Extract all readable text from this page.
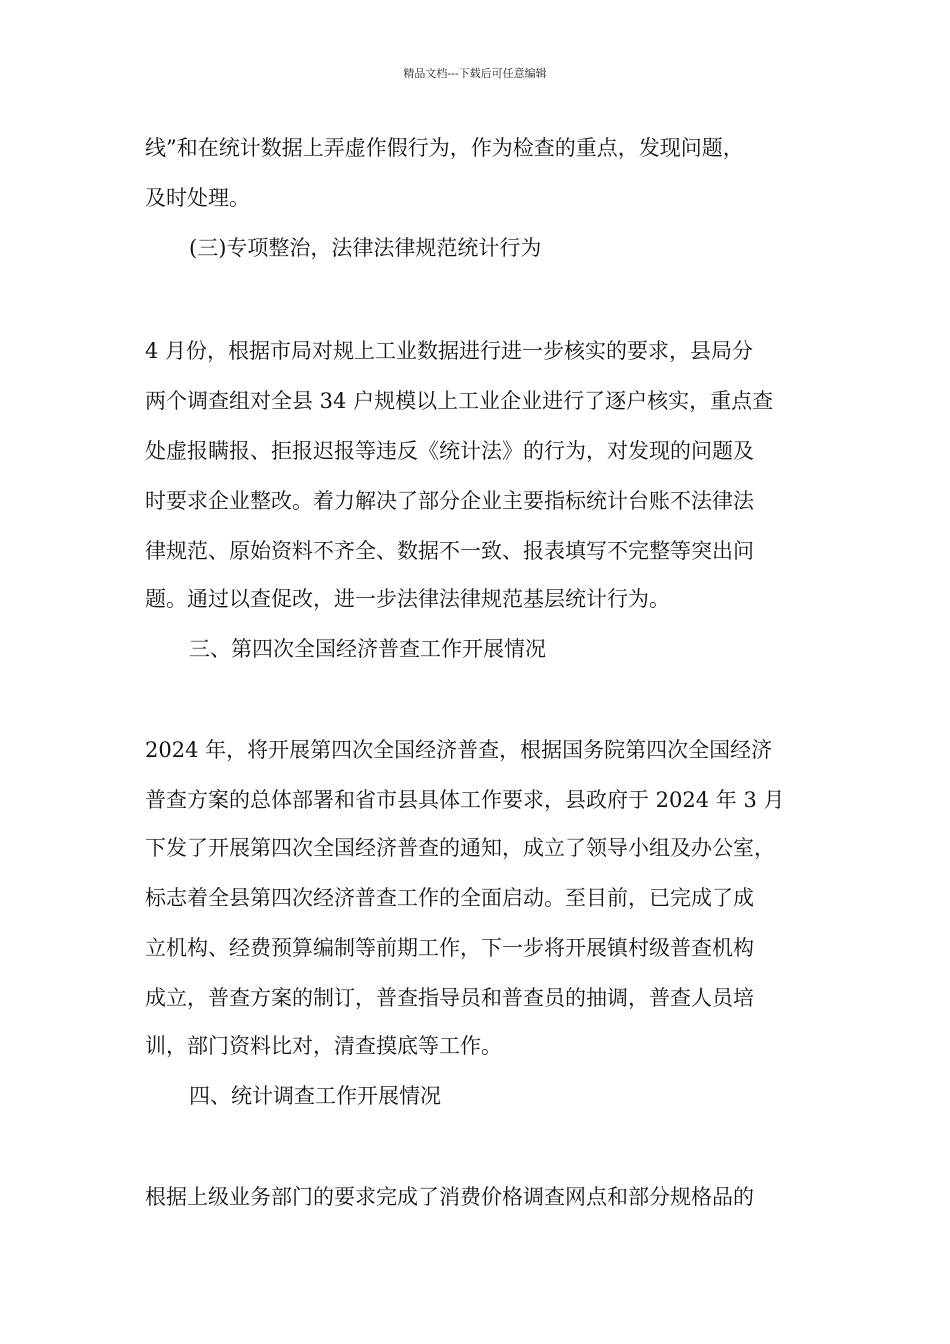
精品文档---下载后可任意编辑
线”和在统计数据上弄虚作假行为，作为检查的重点，发现问题，
及时处理。
(三)专项整治，法律法律规范统计行为
4 月份，根据市局对规上工业数据进行进一步核实的要求，县局分
两个调查组对全县 34 户规模以上工业企业进行了逐户核实，重点查
处虚报瞒报、拒报迟报等违反《统计法》的行为，对发现的问题及
时要求企业整改。着力解决了部分企业主要指标统计台账不法律法
律规范、原始资料不齐全、数据不一致、报表填写不完整等突出问
题。通过以查促改，进一步法律法律规范基层统计行为。
三、第四次全国经济普查工作开展情况
2024 年，将开展第四次全国经济普查，根据国务院第四次全国经济
普查方案的总体部署和省市县具体工作要求，县政府于 2024 年 3 月
下发了开展第四次全国经济普查的通知，成立了领导小组及办公室，
标志着全县第四次经济普查工作的全面启动。至目前，已完成了成
立机构、经费预算编制等前期工作，下一步将开展镇村级普查机构
成立，普查方案的制订，普查指导员和普查员的抽调，普查人员培
训，部门资料比对，清查摸底等工作。
四、统计调查工作开展情况
根据上级业务部门的要求完成了消费价格调查网点和部分规格品的
